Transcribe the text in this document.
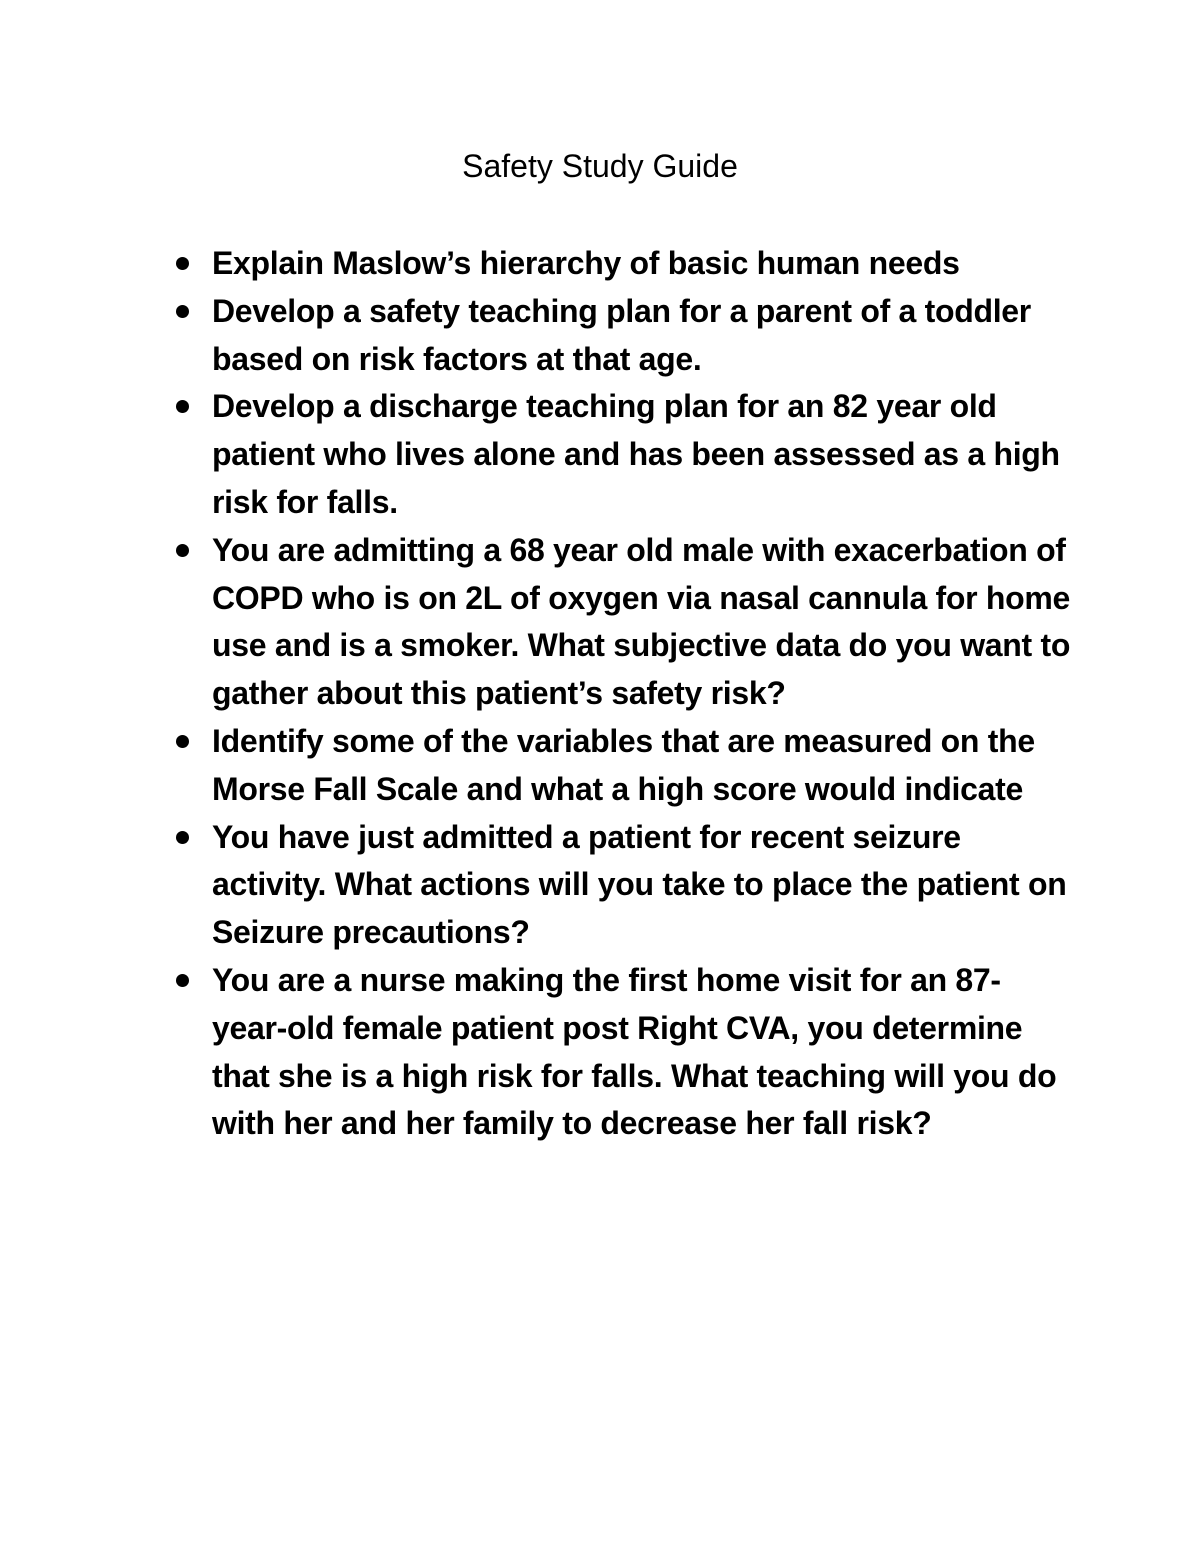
Safety Study Guide
Explain Maslow’s hierarchy of basic human needs
Develop a safety teaching plan for a parent of a toddler based on risk factors at that age.
Develop a discharge teaching plan for an 82 year old patient who lives alone and has been assessed as a high risk for falls.
You are admitting a 68 year old male with exacerbation of COPD who is on 2L of oxygen via nasal cannula for home use and is a smoker. What subjective data do you want to gather about this patient’s safety risk?
Identify some of the variables that are measured on the Morse Fall Scale and what a high score would indicate
You have just admitted a patient for recent seizure activity. What actions will you take to place the patient on Seizure precautions?
You are a nurse making the first home visit for an 87-year-old female patient post Right CVA, you determine that she is a high risk for falls. What teaching will you do with her and her family to decrease her fall risk?
